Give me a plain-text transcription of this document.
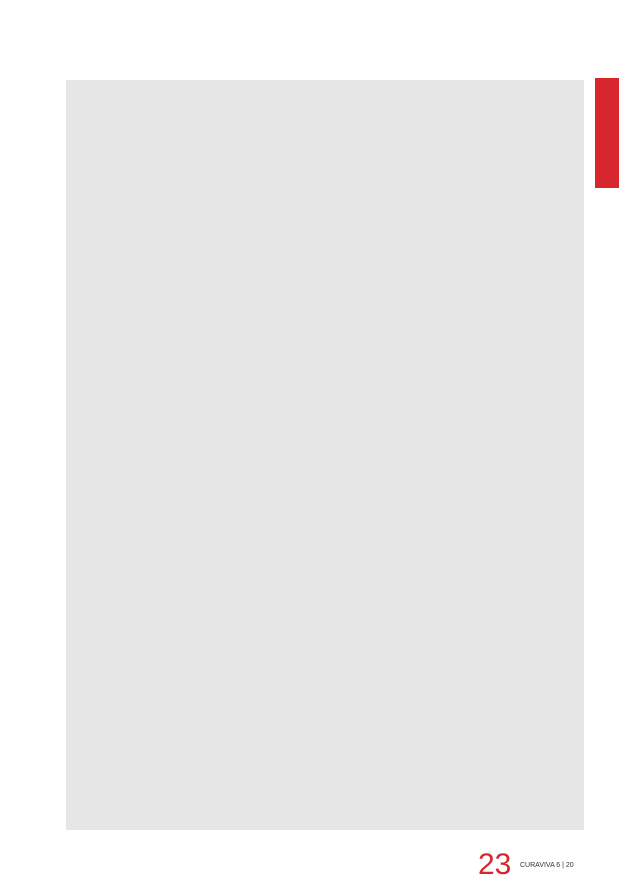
23 CURAVIVA 6 | 20
